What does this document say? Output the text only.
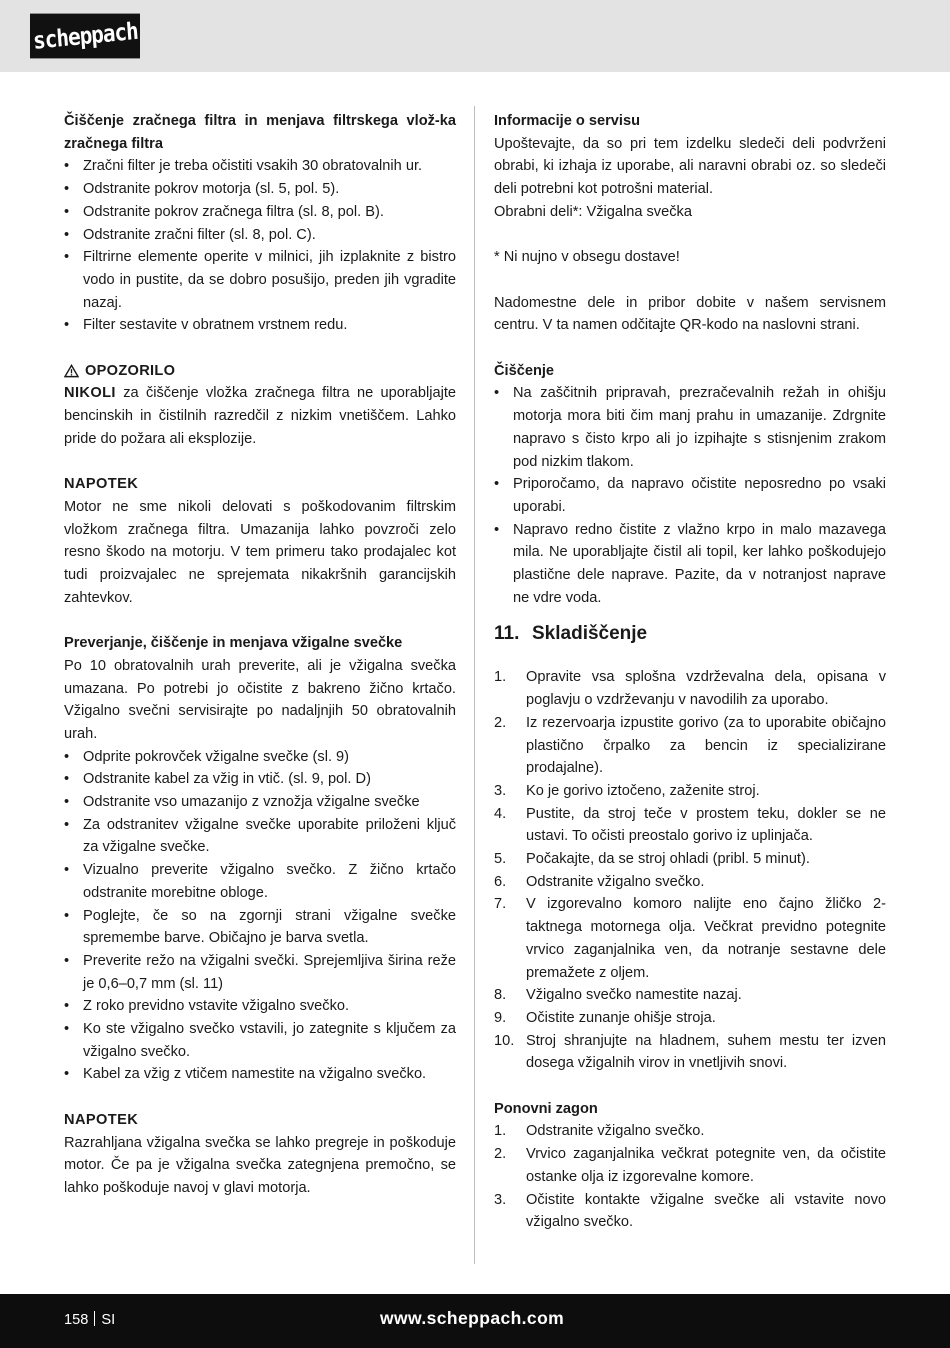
scheppach

Čiščenje zračnega filtra in menjava filtrskega vlož-ka zračnega filtra

• Zračni filter je treba očistiti vsakih 30 obratovalnih ur.
• Odstranite pokrov motorja (sl. 5, pol. 5).
• Odstranite pokrov zračnega filtra (sl. 8, pol. B).
• Odstranite zračni filter (sl. 8, pol. C).
• Filtrirne elemente operite v milnici, jih izplaknite z bistro vodo in pustite, da se dobro posušijo, preden jih vgradite nazaj.
• Filter sestavite v obratnem vrstnem redu.
OPOZORILO

NIKOLI za čiščenje vložka zračnega filtra ne uporabljajte bencinskih in čistilnih razredčil z nizkim vnetiščem. Lahko pride do požara ali eksplozije.

NAPOTEK

Motor ne sme nikoli delovati s poškodovanim filtrskim vložkom zračnega filtra. Umazanija lahko povzroči zelo resno škodo na motorju. V tem primeru tako prodajalec kot tudi proizvajalec ne sprejemata nikakršnih garancijskih zahtevkov.

Preverjanje, čiščenje in menjava vžigalne svečke

Po 10 obratovalnih urah preverite, ali je vžigalna svečka umazana. Po potrebi jo očistite z bakreno žično krtačo. Vžigalno svečni servisirajte po nadaljnjih 50 obratovalnih urah.

• Odprite pokrovček vžigalne svečke (sl. 9)
• Odstranite kabel za vžig in vtič. (sl. 9, pol. D)
• Odstranite vso umazanijo z vznožja vžigalne svečke
• Za odstranitev vžigalne svečke uporabite priloženi ključ za vžigalne svečke.
• Vizualno preverite vžigalno svečko. Z žično krtačo odstranite morebitne obloge.
• Poglejte, če so na zgornji strani vžigalne svečke spremembe barve. Običajno je barva svetla.
• Preverite režo na vžigalni svečki. Sprejemljiva širina reže je 0,6–0,7 mm (sl. 11)
• Z roko previdno vstavite vžigalno svečko.
• Ko ste vžigalno svečko vstavili, jo zategnite s ključem za vžigalno svečko.
• Kabel za vžig z vtičem namestite na vžigalno svečko.

NAPOTEK

Razrahljana vžigalna svečka se lahko pregreje in poškoduje motor. Če pa je vžigalna svečka zategnjena premočno, se lahko poškoduje navoj v glavi motorja.

Informacije o servisu

Upoštevajte, da so pri tem izdelku sledeči deli podvrženi obrabi, ki izhaja iz uporabe, ali naravni obrabi oz. so sledeči deli potrebni kot potrošni material.

Obrabni deli*: Vžigalna svečka

* Ni nujno v obsegu dostave!

Nadomestne dele in pribor dobite v našem servisnem centru. V ta namen odčitajte QR-kodo na naslovni strani.

Čiščenje

• Na zaščitnih pripravah, prezračevalnih režah in ohišju motorja mora biti čim manj prahu in umazanije. Zdrgnite napravo s čisto krpo ali jo izpihajte s stisnjenim zrakom pod nizkim tlakom.
• Priporočamo, da napravo očistite neposredno po vsaki uporabi.
• Napravo redno čistite z vlažno krpo in malo mazavega mila. Ne uporabljajte čistil ali topil, ker lahko poškodujejo plastične dele naprave. Pazite, da v notranjost naprave ne vdre voda.
11. Skladiščenje
1. Opravite vsa splošna vzdrževalna dela, opisana v poglavju o vzdrževanju v navodilih za uporabo.
2. Iz rezervoarja izpustite gorivo (za to uporabite običajno plastično črpalko za bencin iz specializirane prodajalne).
3. Ko je gorivo iztočeno, zaženite stroj.
4. Pustite, da stroj teče v prostem teku, dokler se ne ustavi. To očisti preostalo gorivo iz uplinjača.
5. Počakajte, da se stroj ohladi (pribl. 5 minut).
6. Odstranite vžigalno svečko.
7. V izgorevalno komoro nalijte eno čajno žličko 2-taktnega motornega olja. Večkrat previdno potegnite vrvico zaganjalnika ven, da notranje sestavne dele premažete z oljem.
8. Vžigalno svečko namestite nazaj.
9. Očistite zunanje ohišje stroja.
10. Stroj shranjujte na hladnem, suhem mestu ter izven dosega vžigalnih virov in vnetljivih snovi.

Ponovni zagon

1. Odstranite vžigalno svečko.
2. Vrvico zaganjalnika večkrat potegnite ven, da očistite ostanke olja iz izgorevalne komore.
3. Očistite kontakte vžigalne svečke ali vstavite novo vžigalno svečko.
158 SI	www.scheppach.com
